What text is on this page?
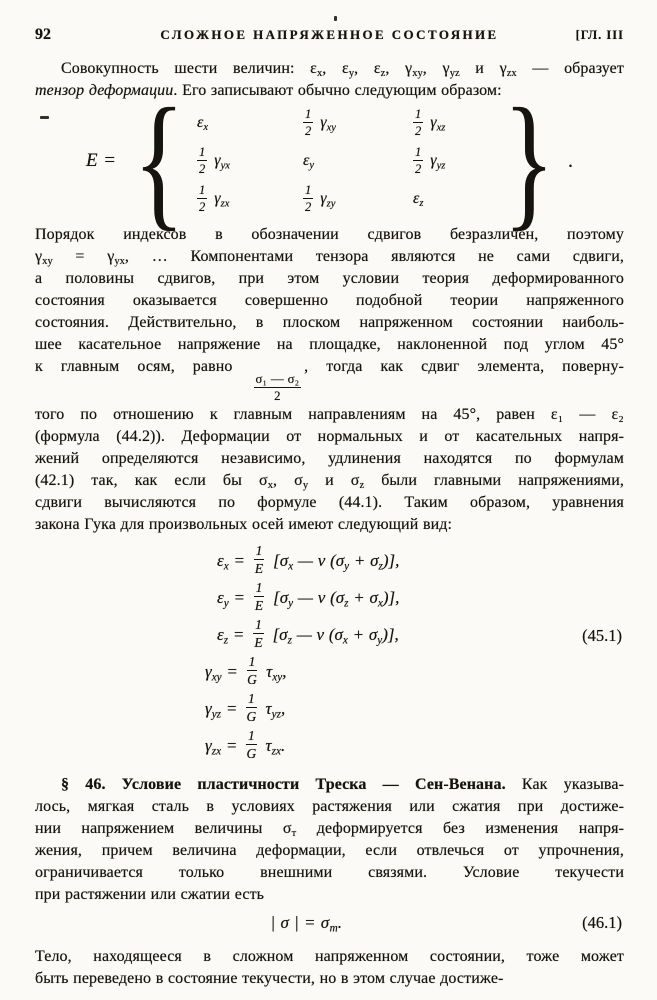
92	СЛОЖНОЕ НАПРЯЖЕННОЕ СОСТОЯНИЕ	[ГЛ. III
Совокупность шести величин: $\varepsilon_x$, $\varepsilon_y$, $\varepsilon_z$, $\gamma_{xy}$, $\gamma_{yz}$ и $\gamma_{zx}$ — образует
тензор деформации. Его записывают обычно следующим образом:
E = { $\varepsilon_x$	$\frac{1}{2} \gamma_{xy}$	$\frac{1}{2} \gamma_{xz}$
$\frac{1}{2} \gamma_{yx}$	$\varepsilon_y$	$\frac{1}{2} \gamma_{yz}$
$\frac{1}{2} \gamma_{zx}$	$\frac{1}{2} \gamma_{zy}$	$\varepsilon_z$ } .
Порядок индексов в обозначении сдвигов безразличен, поэтому
$\gamma_{xy} = \gamma_{yx}$, … Компонентами тензора являются не сами сдвиги,
а половины сдвигов, при этом условии теория деформированного
состояния оказывается совершенно подобной теории напряженного
состояния. Действительно, в плоском напряженном состоянии наиболь-
шее касательное напряжение на площадке, наклоненной под углом 45°
к главным осям, равно
$\frac{\text{σ₁ — σ₂}}{2}$
, тогда как сдвиг элемента, поверну-
того по отношению к главным направлениям на 45°, равен ε₁ — ε₂
(формула (44.2)). Деформации от нормальных и от касательных напря-
жений определяются независимо, удлинения находятся по формулам
(42.1) так, как если бы $\sigma_x$, $\sigma_y$ и $\sigma_z$ были главными напряжениями,
сдвиги вычисляются по формуле (44.1). Таким образом, уравнения
закона Гука для произвольных осей имеют следующий вид:
$\varepsilon_x = \frac{1}{E} [\sigma_x$ — ν $(\sigma_y + \sigma_z)$],
$\varepsilon_y = \frac{1}{E} [\sigma_y$ — ν $(\sigma_z + \sigma_x)$],
$\varepsilon_z = \frac{1}{E} [\sigma_z$ — ν $(\sigma_x + \sigma_y)$],
$\gamma_{xy} = \frac{1}{G} \tau_{xy}$,
$\gamma_{yz} = \frac{1}{G} \tau_{yz}$,
$\gamma_{zx} = \frac{1}{G} \tau_{zx}$.
(45.1)
§ 46. Условие пластичности Треска — Сен-Венана. Как указыва-
лось, мягкая сталь в условиях растяжения или сжатия при достиже-
нии напряжением величины $\sigma_т$ деформируется без изменения напря-
жения, причем величина деформации, если отвлечься от упрочнения,
ограничивается только внешними связями. Условие текучести
при растяжении или сжатии есть
| σ | = $\sigma_т$.	(46.1)
Тело, находящееся в сложном напряженном состоянии, тоже может
быть переведено в состояние текучести, но в этом случае достиже-
